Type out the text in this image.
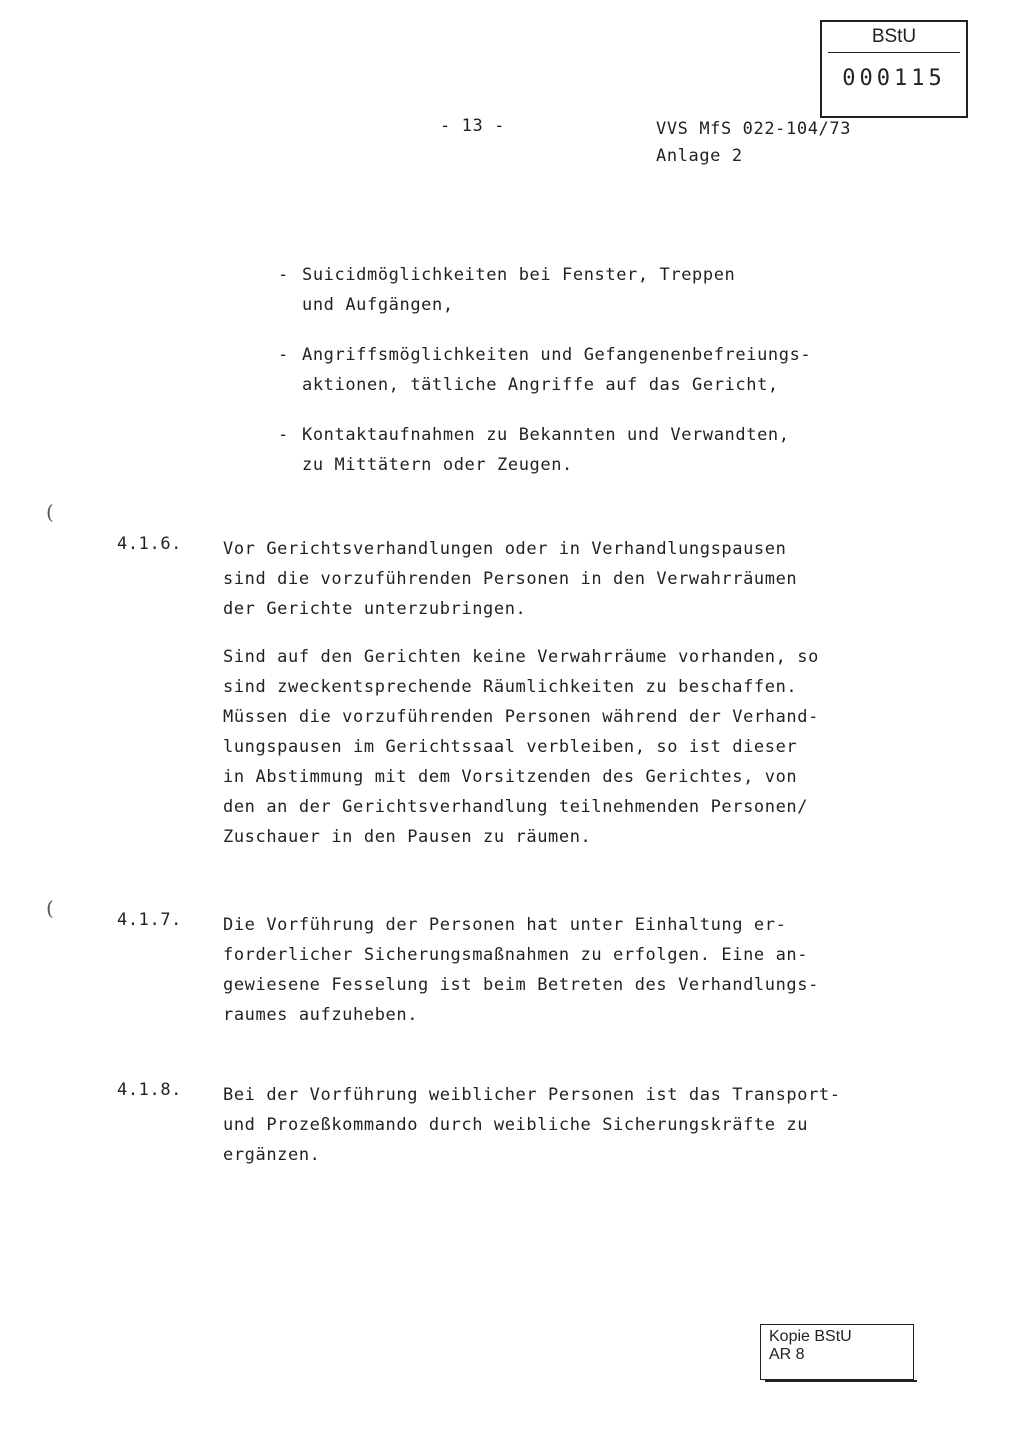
BStU
000115
- 13 -	VVS MfS 022-104/73
Anlage 2
- Suicidmöglichkeiten bei Fenster, Treppen
und Aufgängen,
- Angriffsmöglichkeiten und Gefangenenbefreiungs-
aktionen, tätliche Angriffe auf das Gericht,
- Kontaktaufnahmen zu Bekannten und Verwandten,
zu Mittätern oder Zeugen.
(
(
4.1.6. Vor Gerichtsverhandlungen oder in Verhandlungspausen
sind die vorzuführenden Personen in den Verwahrräumen
der Gerichte unterzubringen.
Sind auf den Gerichten keine Verwahrräume vorhanden, so
sind zweckentsprechende Räumlichkeiten zu beschaffen.
Müssen die vorzuführenden Personen während der Verhand-
lungspausen im Gerichtssaal verbleiben, so ist dieser
in Abstimmung mit dem Vorsitzenden des Gerichtes, von
den an der Gerichtsverhandlung teilnehmenden Personen/
Zuschauer in den Pausen zu räumen.
4.1.7. Die Vorführung der Personen hat unter Einhaltung er-
forderlicher Sicherungsmaßnahmen zu erfolgen. Eine an-
gewiesene Fesselung ist beim Betreten des Verhandlungs-
raumes aufzuheben.
4.1.8. Bei der Vorführung weiblicher Personen ist das Transport-
und Prozeßkommando durch weibliche Sicherungskräfte zu
ergänzen.
Kopie BStU
AR 8
